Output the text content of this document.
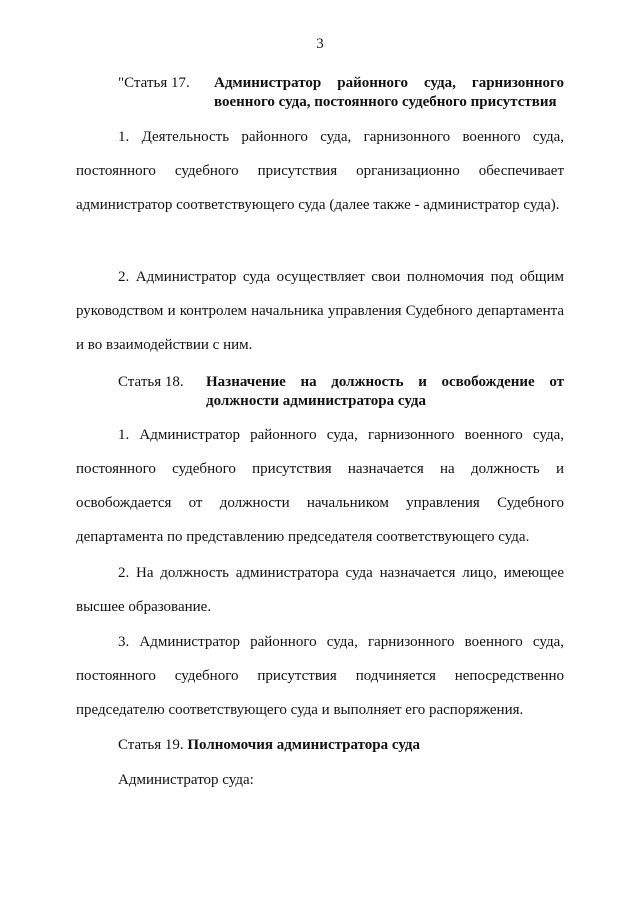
3
"Статья 17.	Администратор районного суда, гарнизонного военного суда, постоянного судебного присутствия

1. Деятельность районного суда, гарнизонного военного суда, постоянного судебного присутствия организационно обеспечивает администратор соответствующего суда (далее также - администратор суда).

2. Администратор суда осуществляет свои полномочия под общим руководством и контролем начальника управления Судебного департамента и во взаимодействии с ним.

Статья 18.	Назначение на должность и освобождение от должности администратора суда

1. Администратор районного суда, гарнизонного военного суда, постоянного судебного присутствия назначается на должность и освобождается от должности начальником управления Судебного департамента по представлению председателя соответствующего суда.

2. На должность администратора суда назначается лицо, имеющее высшее образование.

3. Администратор районного суда, гарнизонного военного суда, постоянного судебного присутствия подчиняется непосредственно председателю соответствующего суда и выполняет его распоряжения.

Статья 19. Полномочия администратора суда
Администратор суда:
